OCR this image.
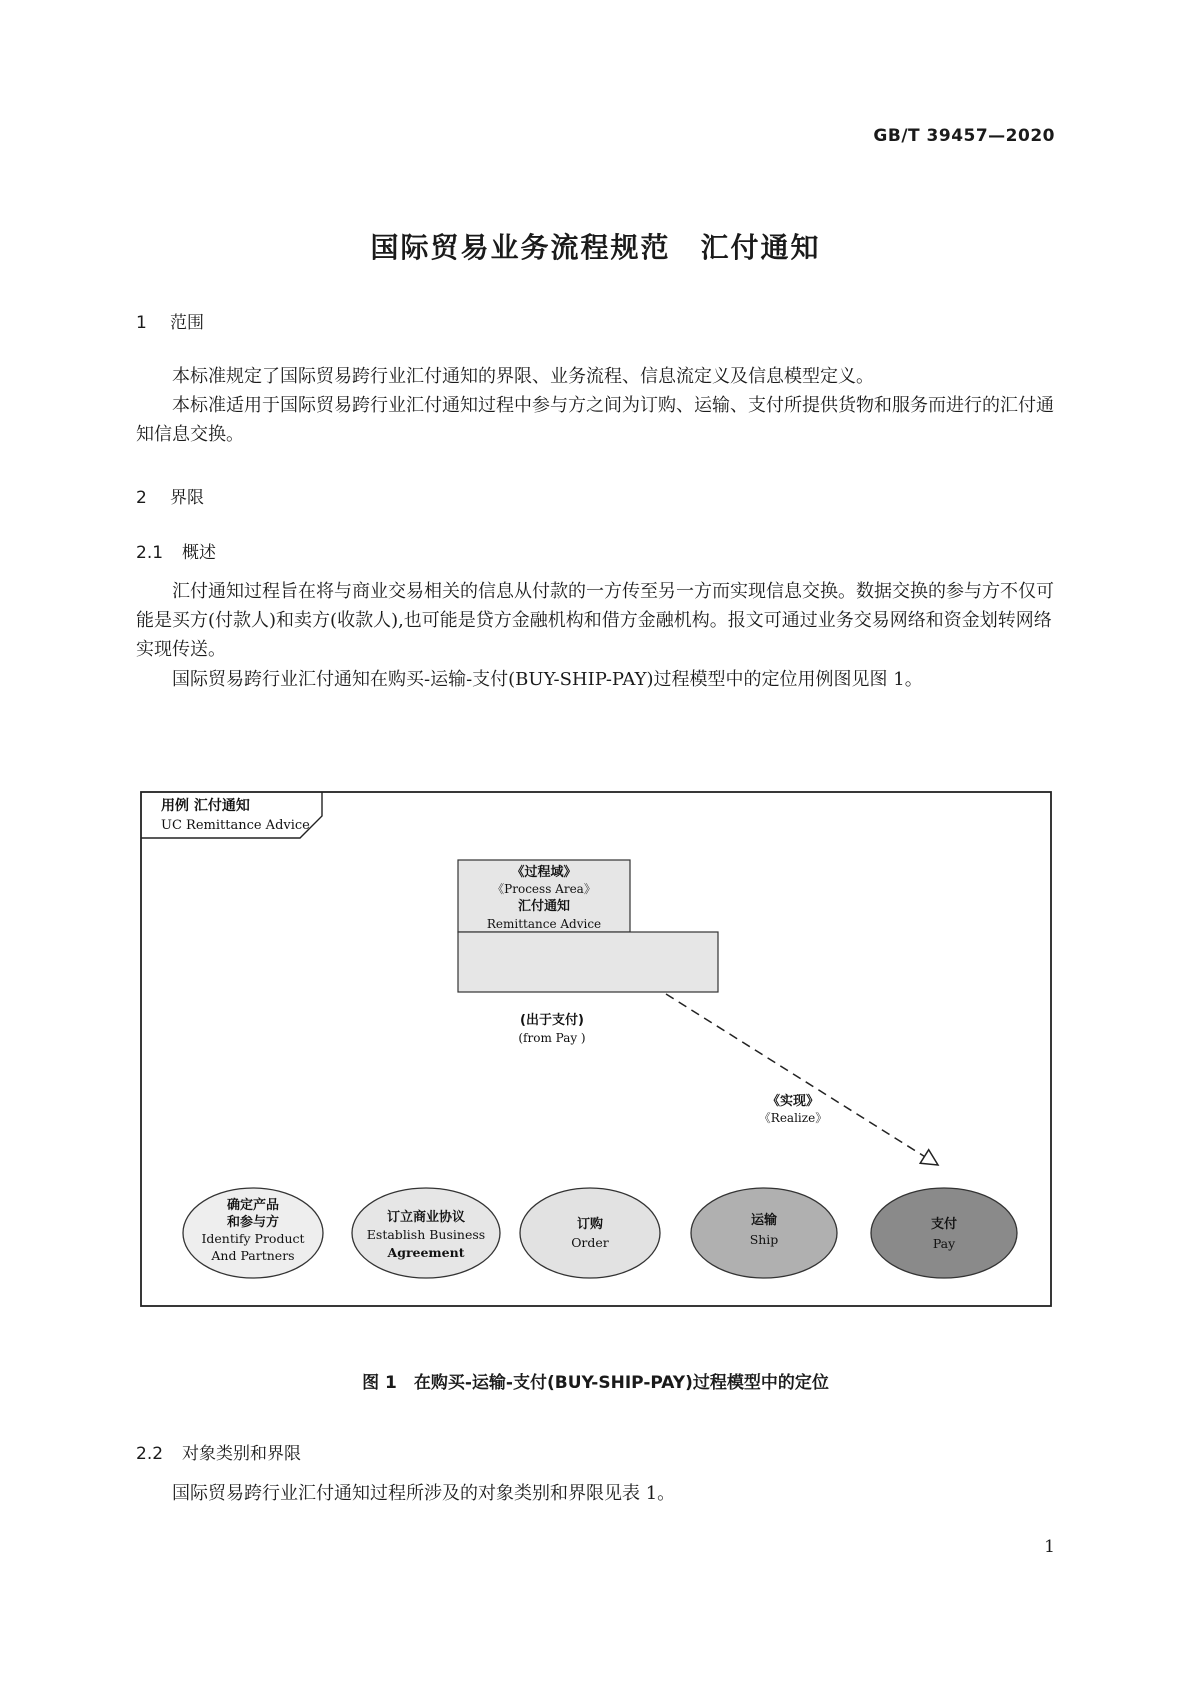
GB/T 39457—2020
国际贸易业务流程规范　汇付通知
1 范围

本标准规定了国际贸易跨行业汇付通知的界限、业务流程、信息流定义及信息模型定义。

本标准适用于国际贸易跨行业汇付通知过程中参与方之间为订购、运输、支付所提供货物和服务而进行的汇付通知信息交换。

2 界限
2.1 概述

汇付通知过程旨在将与商业交易相关的信息从付款的一方传至另一方而实现信息交换。数据交换的参与方不仅可能是买方(付款人)和卖方(收款人),也可能是贷方金融机构和借方金融机构。报文可通过业务交易网络和资金划转网络实现传送。

国际贸易跨行业汇付通知在购买-运输-支付(BUY-SHIP-PAY)过程模型中的定位用例图见图 1。

用例 汇付通知
UC Remittance Advice
《过程域》
《Process Area》
汇付通知
Remittance Advice
(出于支付)
(from Pay )
《实现》
《Realize》
确定产品
和参与方
Identify Product
And Partners
订立商业协议
Establish Business
Agreement
订购
Order
运输
Ship
支付
Pay
图 1　在购买-运输-支付(BUY-SHIP-PAY)过程模型中的定位
2.2 对象类别和界限

国际贸易跨行业汇付通知过程所涉及的对象类别和界限见表 1。

1
